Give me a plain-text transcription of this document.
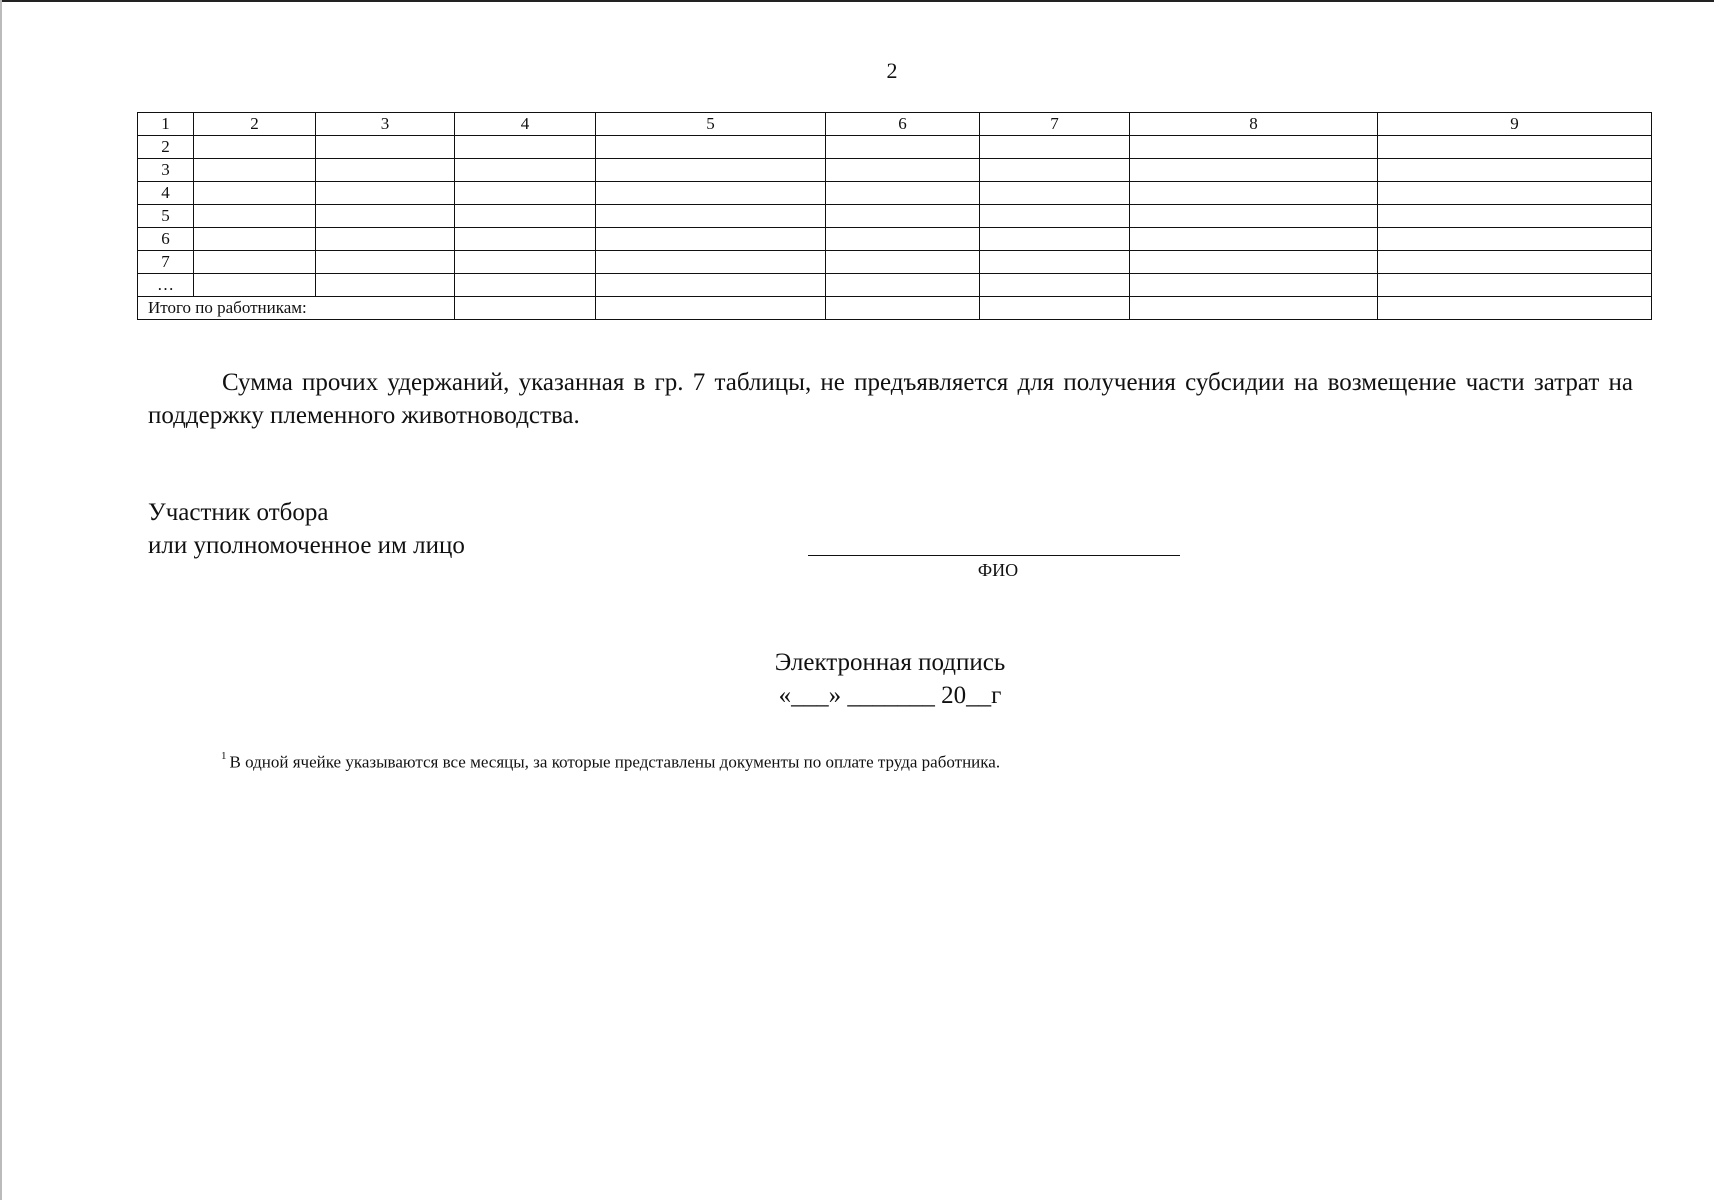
2
1	2	3	4	5	6	7	8	9
2								
3								
4								
5								
6								
7								
…								
Итого по работникам:								
Сумма прочих удержаний, указанная в гр. 7 таблицы, не предъявляется для получения субсидии на возмещение части затрат на поддержку племенного животноводства.
Участник отбора
или уполномоченное им лицо
ФИО
Электронная подпись
«___» _______ 20__г
$^1$ В одной ячейке указываются все месяцы, за которые представлены документы по оплате труда работника.
